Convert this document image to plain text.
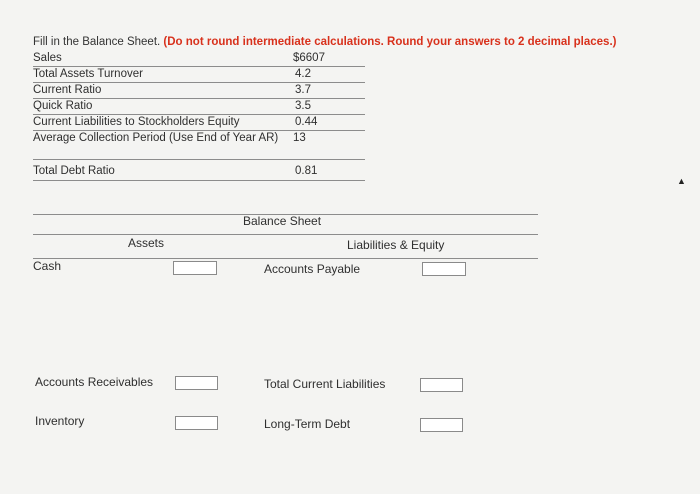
Fill in the Balance Sheet. (Do not round intermediate calculations. Round your answers to 2 decimal places.)
Sales	$6607
Total Assets Turnover	4.2
Current Ratio	3.7
Quick Ratio	3.5
Current Liabilities to Stockholders Equity	0.44
Average Collection Period (Use End of Year AR)	13
Total Debt Ratio	0.81
Balance Sheet
Assets	Liabilities & Equity
Cash	Accounts Payable
Accounts Receivables	Total Current Liabilities
Inventory	Long-Term Debt
▲
